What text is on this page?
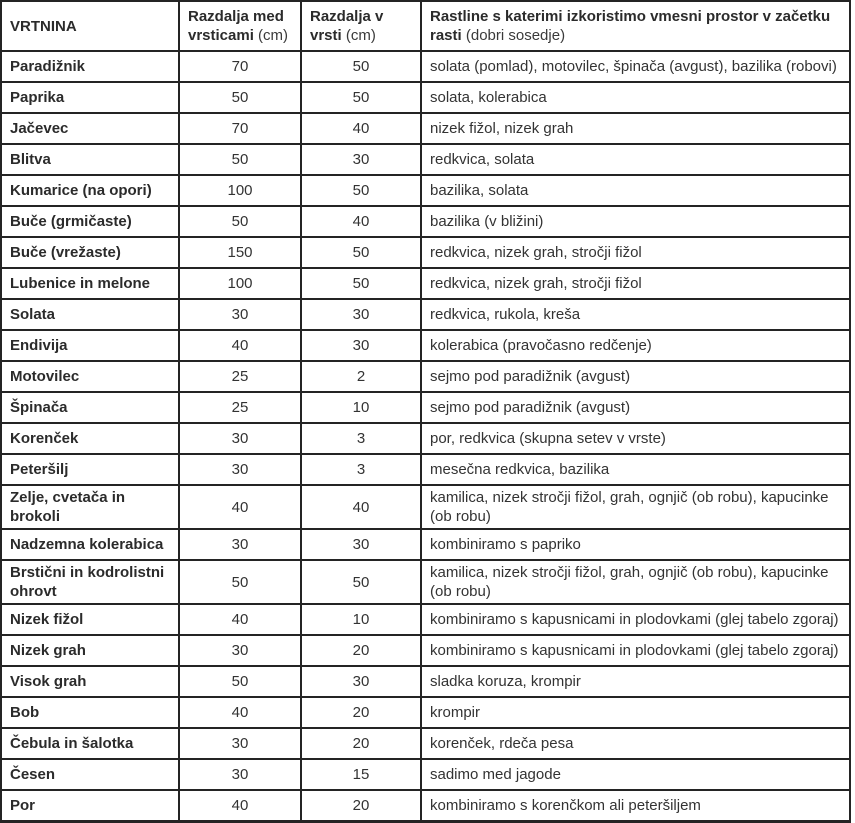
VRTNINA	Razdalja med vrsticami (cm)	Razdalja v vrsti (cm)	Rastline s katerimi izkoristimo vmesni prostor v začetku rasti (dobri sosedje)
Paradižnik	70	50	solata (pomlad), motovilec, špinača (avgust), bazilika (robovi)
Paprika	50	50	solata, kolerabica
Jačevec	70	40	nizek fižol, nizek grah
Blitva	50	30	redkvica, solata
Kumarice (na opori)	100	50	bazilika, solata
Buče (grmičaste)	50	40	bazilika (v bližini)
Buče (vrežaste)	150	50	redkvica, nizek grah, stročji fižol
Lubenice in melone	100	50	redkvica, nizek grah, stročji fižol
Solata	30	30	redkvica, rukola, kreša
Endivija	40	30	kolerabica (pravočasno redčenje)
Motovilec	25	2	sejmo pod paradižnik (avgust)
Špinača	25	10	sejmo pod paradižnik (avgust)
Korenček	30	3	por, redkvica (skupna setev v vrste)
Peteršilj	30	3	mesečna redkvica, bazilika
Zelje, cvetača in brokoli	40	40	kamilica, nizek stročji fižol, grah, ognjič (ob robu), kapucinke (ob robu)
Nadzemna kolerabica	30	30	kombiniramo s papriko
Brstični in kodrolistni ohrovt	50	50	kamilica, nizek stročji fižol, grah, ognjič (ob robu), kapucinke (ob robu)
Nizek fižol	40	10	kombiniramo s kapusnicami in plodovkami (glej tabelo zgoraj)
Nizek grah	30	20	kombiniramo s kapusnicami in plodovkami (glej tabelo zgoraj)
Visok grah	50	30	sladka koruza, krompir
Bob	40	20	krompir
Čebula in šalotka	30	20	korenček, rdeča pesa
Česen	30	15	sadimo med jagode
Por	40	20	kombiniramo s korenčkom ali peteršiljem
